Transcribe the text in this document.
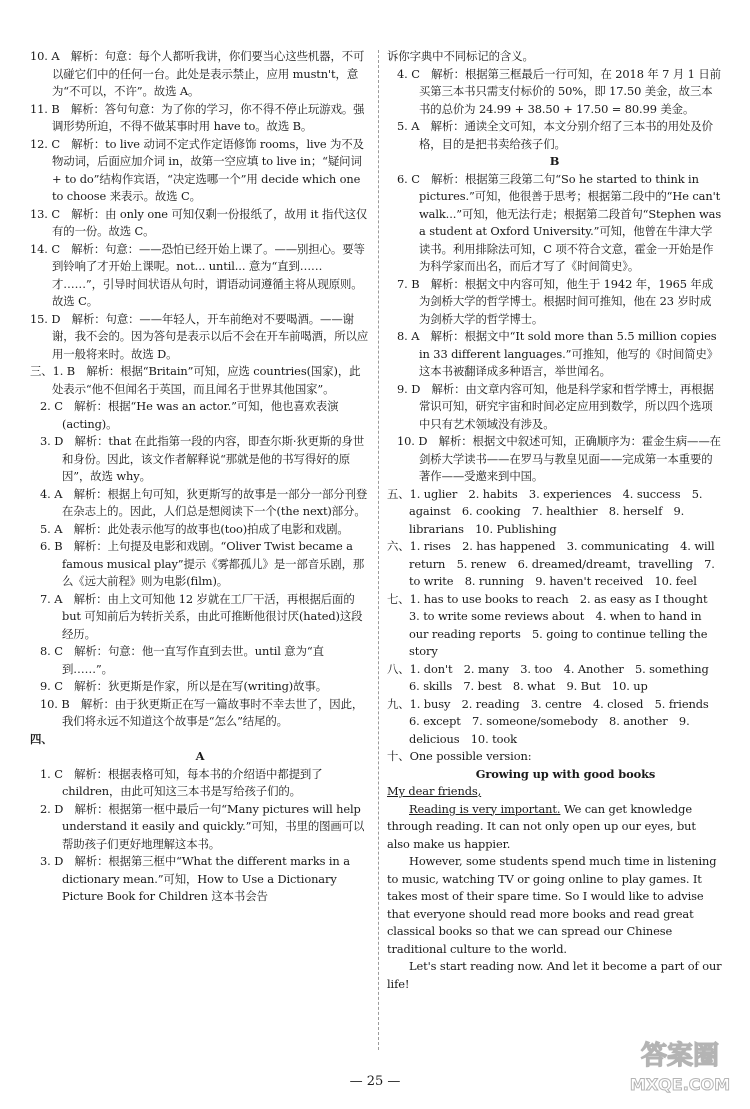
10. A　解析：句意：每个人都听我讲，你们要当心这些机器，不可以碰它们中的任何一台。此处是表示禁止，应用 mustn't，意为“不可以，不许”。故选 A。

11. B　解析：答句句意：为了你的学习，你不得不停止玩游戏。强调形势所迫，不得不做某事时用 have to。故选 B。

12. C　解析：to live 动词不定式作定语修饰 rooms，live 为不及物动词，后面应加介词 in，故第一空应填 to live in；“疑问词 + to do”结构作宾语，“决定选哪一个”用 decide which one to choose 来表示。故选 C。

13. C　解析：由 only one 可知仅剩一份报纸了，故用 it 指代这仅有的一份。故选 C。

14. C　解析：句意：——恐怕已经开始上课了。——别担心。要等到铃响了才开始上课呢。not... until... 意为“直到……才……”，引导时间状语从句时，谓语动词遵循主将从现原则。故选 C。

15. D　解析：句意：——年轻人，开车前绝对不要喝酒。——谢谢，我不会的。因为答句是表示以后不会在开车前喝酒，所以应用一般将来时。故选 D。

三、1. B　解析：根据“Britain”可知，应选 countries(国家)，此处表示“他不但闻名于英国，而且闻名于世界其他国家”。

2. C　解析：根据“He was an actor.”可知，他也喜欢表演(acting)。

3. D　解析：that 在此指第一段的内容，即查尔斯·狄更斯的身世和身份。因此，该文作者解释说“那就是他的书写得好的原因”，故选 why。

4. A　解析：根据上句可知，狄更斯写的故事是一部分一部分刊登在杂志上的。因此，人们总是想阅读下一个(the next)部分。

5. A　解析：此处表示他写的故事也(too)拍成了电影和戏剧。

6. B　解析：上句提及电影和戏剧。“Oliver Twist became a famous musical play”提示《雾都孤儿》是一部音乐剧，那么《远大前程》则为电影(film)。

7. A　解析：由上文可知他 12 岁就在工厂干活，再根据后面的 but 可知前后为转折关系，由此可推断他很讨厌(hated)这段经历。

8. C　解析：句意：他一直写作直到去世。until 意为“直到……”。

9. C　解析：狄更斯是作家，所以是在写(writing)故事。

10. B　解析：由于狄更斯正在写一篇故事时不幸去世了，因此，我们将永远不知道这个故事是“怎么”结尾的。

四、

A

1. C　解析：根据表格可知，每本书的介绍语中都提到了 children，由此可知这三本书是写给孩子们的。

2. D　解析：根据第一框中最后一句“Many pictures will help understand it easily and quickly.”可知，书里的图画可以帮助孩子们更好地理解这本书。

3. D　解析：根据第三框中“What the different marks in a dictionary mean.”可知，How to Use a Dictionary Picture Book for Children 这本书会告

诉你字典中不同标记的含义。

4. C　解析：根据第三框最后一行可知，在 2018 年 7 月 1 日前买第三本书只需支付标价的 50%，即 17.50 美金，故三本书的总价为 24.99 + 38.50 + 17.50 = 80.99 美金。

5. A　解析：通读全文可知，本文分别介绍了三本书的用处及价格，目的是把书卖给孩子们。

B

6. C　解析：根据第三段第二句“So he started to think in pictures.”可知，他很善于思考；根据第二段中的“He can't walk...”可知，他无法行走；根据第二段首句“Stephen was a student at Oxford University.”可知，他曾在牛津大学读书。利用排除法可知，C 项不符合文意，霍金一开始是作为科学家而出名，而后才写了《时间简史》。

7. B　解析：根据文中内容可知，他生于 1942 年，1965 年成为剑桥大学的哲学博士。根据时间可推知，他在 23 岁时成为剑桥大学的哲学博士。

8. A　解析：根据文中“It sold more than 5.5 million copies in 33 different languages.”可推知，他写的《时间简史》这本书被翻译成多种语言，举世闻名。

9. D　解析：由文章内容可知，他是科学家和哲学博士，再根据常识可知，研究宇宙和时间必定应用到数学，所以四个选项中只有艺术领域没有涉及。

10. D　解析：根据文中叙述可知，正确顺序为：霍金生病——在剑桥大学读书——在罗马与教皇见面——完成第一本重要的著作——受邀来到中国。

五、1. uglier　2. habits　3. experiences　4. success　5. against　6. cooking　7. healthier　8. herself　9. librarians　10. Publishing

六、1. rises　2. has happened　3. communicating　4. will return　5. renew　6. dreamed/dreamt，travelling　7. to write　8. running　9. haven't received　10. feel

七、1. has to use books to reach　2. as easy as I thought　3. to write some reviews about　4. when to hand in our reading reports　5. going to continue telling the story

八、1. don't　2. many　3. too　4. Another　5. something　6. skills　7. best　8. what　9. But　10. up

九、1. busy　2. reading　3. centre　4. closed　5. friends　6. except　7. someone/somebody　8. another　9. delicious　10. took

十、One possible version:

Growing up with good books

My dear friends,

Reading is very important. We can get knowledge through reading. It can not only open up our eyes, but also make us happier.

However, some students spend much time in listening to music, watching TV or going online to play games. It takes most of their spare time. So I would like to advise that everyone should read more books and read great classical books so that we can spread our Chinese traditional culture to the world.

Let's start reading now. And let it become a part of our life!

— 25 —
答案圈
MXQE.COM
